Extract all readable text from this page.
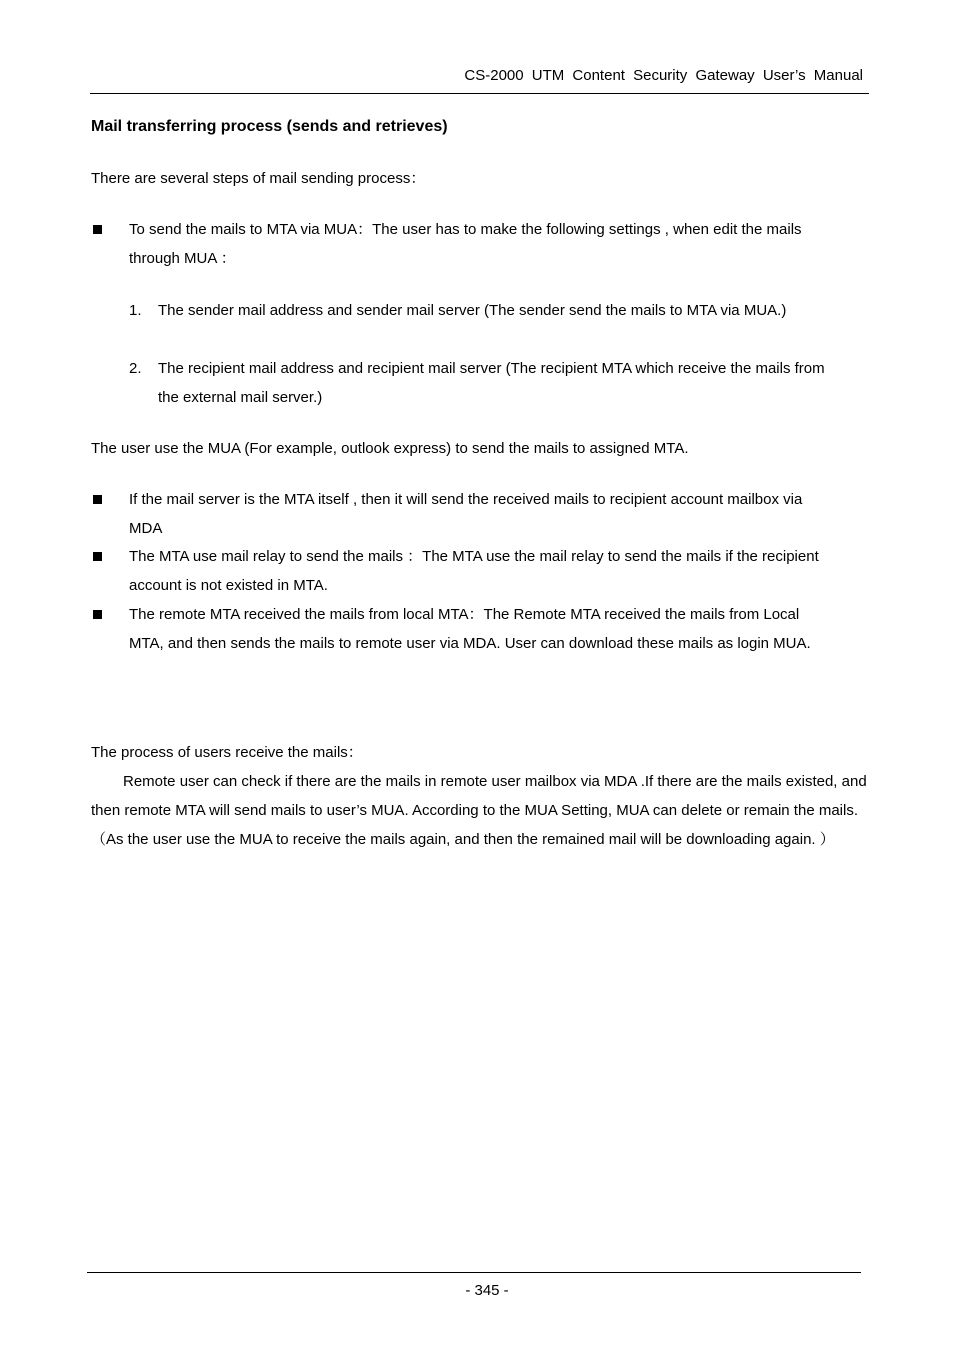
CS-2000 UTM Content Security Gateway User’s Manual
Mail transferring process (sends and retrieves)
There are several steps of mail sending process：
To send the mails to MTA via MUA：The user has to make the following settings , when edit the mails through MUA ：
1. The sender mail address and sender mail server (The sender send the mails to MTA via MUA.)
2. The recipient mail address and recipient mail server (The recipient MTA which receive the mails from the external mail server.)
The user use the MUA (For example, outlook express) to send the mails to assigned MTA.
If the mail server is the MTA itself , then it will send the received mails to recipient account mailbox via MDA
The MTA use mail relay to send the mails ：The MTA use the mail relay to send the mails if the recipient account is not existed in MTA.
The remote MTA received the mails from local MTA：The Remote MTA received the mails from Local MTA, and then sends the mails to remote user via MDA. User can download these mails as login MUA.
The process of users receive the mails：
Remote user can check if there are the mails in remote user mailbox via MDA .If there are the mails existed, and then remote MTA will send mails to user’s MUA. According to the MUA Setting, MUA can delete or remain the mails.（As the user use the MUA to receive the mails again, and then the remained mail will be downloading again. ）
- 345 -
